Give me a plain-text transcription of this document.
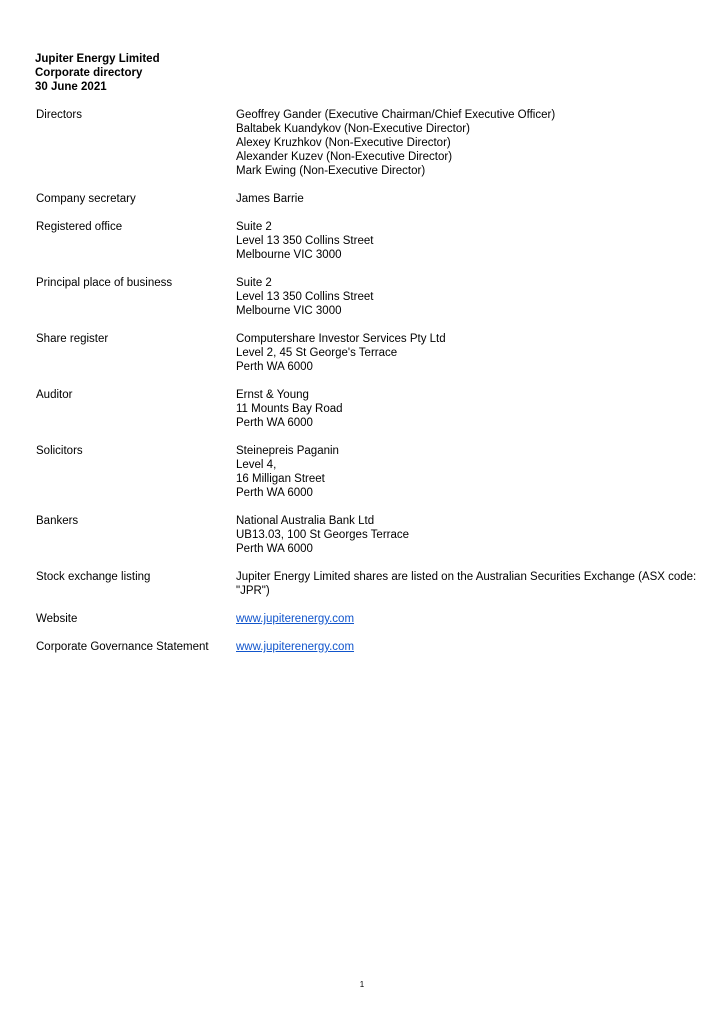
Jupiter Energy Limited
Corporate directory
30 June 2021
Directors	Geoffrey Gander (Executive Chairman/Chief Executive Officer)
Baltabek Kuandykov (Non-Executive Director)
Alexey Kruzhkov (Non-Executive Director)
Alexander Kuzev (Non-Executive Director)
Mark Ewing (Non-Executive Director)
Company secretary	James Barrie
Registered office	Suite 2
Level 13 350 Collins Street
Melbourne VIC 3000
Principal place of business	Suite 2
Level 13 350 Collins Street
Melbourne VIC 3000
Share register	Computershare Investor Services Pty Ltd
Level 2, 45 St George's Terrace
Perth WA 6000
Auditor	Ernst & Young
11 Mounts Bay Road
Perth WA 6000
Solicitors	Steinepreis Paganin
Level 4,
16 Milligan Street
Perth WA 6000
Bankers	National Australia Bank Ltd
UB13.03, 100 St Georges Terrace
Perth WA 6000
Stock exchange listing	Jupiter Energy Limited shares are listed on the Australian Securities Exchange (ASX code: "JPR")
Website	www.jupiterenergy.com
Corporate Governance Statement	www.jupiterenergy.com
1
